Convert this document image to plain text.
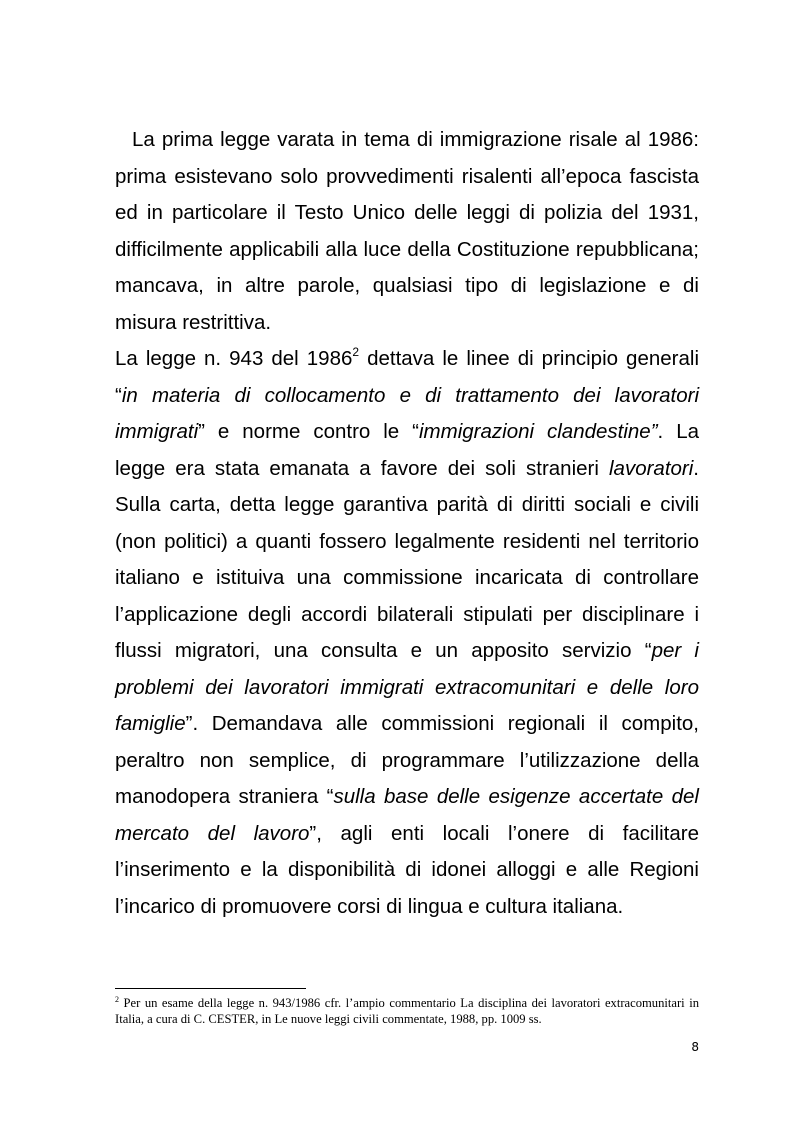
La prima legge varata in tema di immigrazione risale al 1986: prima esistevano solo provvedimenti risalenti all’epoca fascista ed in particolare il Testo Unico delle leggi di polizia del 1931, difficilmente applicabili alla luce della Costituzione repubblicana; mancava, in altre parole, qualsiasi tipo di legislazione e di misura restrittiva.

La legge n. 943 del 1986$^2$ dettava le linee di principio generali “in materia di collocamento e di trattamento dei lavoratori immigrati” e norme contro le “immigrazioni clandestine”. La legge era stata emanata a favore dei soli stranieri lavoratori. Sulla carta, detta legge garantiva parità di diritti sociali e civili (non politici) a quanti fossero legalmente residenti nel territorio italiano e istituiva una commissione incaricata di controllare l’applicazione degli accordi bilaterali stipulati per disciplinare i flussi migratori, una consulta e un apposito servizio “per i problemi dei lavoratori immigrati extracomunitari e delle loro famiglie”. Demandava alle commissioni regionali il compito, peraltro non semplice, di programmare l’utilizzazione della manodopera straniera “sulla base delle esigenze accertate del mercato del lavoro”, agli enti locali l’onere di facilitare l’inserimento e la disponibilità di idonei alloggi e alle Regioni l’incarico di promuovere corsi di lingua e cultura italiana.

$^2$ Per un esame della legge n. 943/1986 cfr. l’ampio commentario La disciplina dei lavoratori extracomunitari in Italia, a cura di C. CESTER, in Le nuove leggi civili commentate, 1988, pp. 1009 ss.
8
